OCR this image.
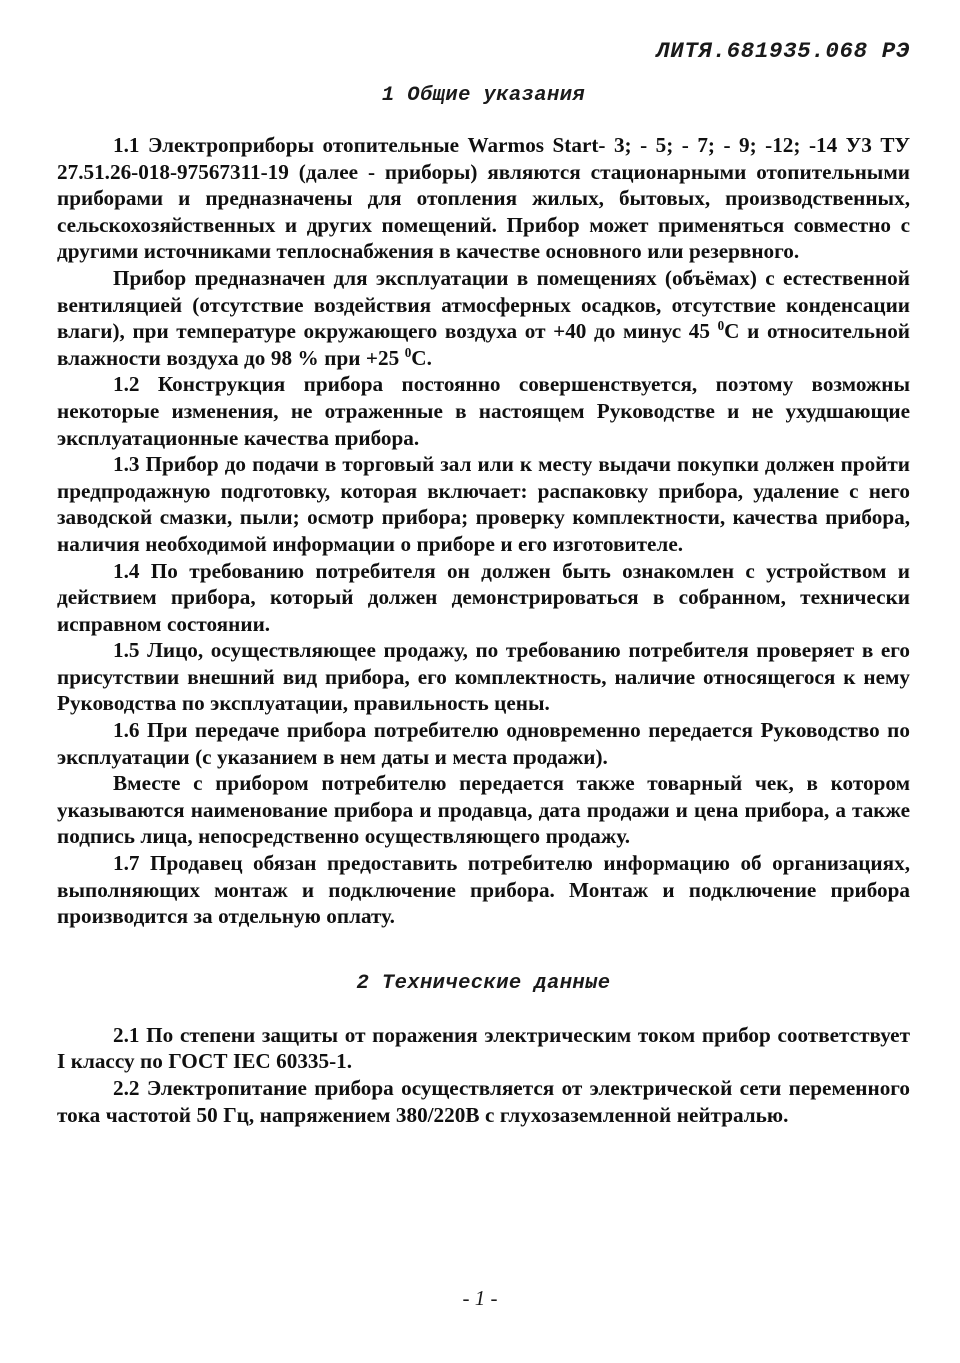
ЛИТЯ.681935.068 РЭ
1 Общие указания

1.1 Электроприборы отопительные Warmos Start- 3; - 5; - 7; - 9; -12; -14 У3 ТУ 27.51.26-018-97567311-19 (далее - приборы) являются стационарными отопительными приборами и предназначены для отопления жилых, бытовых, производственных, сельскохозяйственных и других помещений. Прибор может применяться совместно с другими источниками теплоснабжения в качестве основного или резервного.

Прибор предназначен для эксплуатации в помещениях (объёмах) с естественной вентиляцией (отсутствие воздействия атмосферных осадков, отсутствие конденсации влаги), при температуре окружающего воздуха от +40 до минус 45 $^0$С и относительной влажности воздуха до 98 % при +25 $^0$С.

1.2 Конструкция прибора постоянно совершенствуется, поэтому возможны некоторые изменения, не отраженные в настоящем Руководстве и не ухудшающие эксплуатационные качества прибора.

1.3 Прибор до подачи в торговый зал или к месту выдачи покупки должен пройти предпродажную подготовку, которая включает: распаковку прибора, удаление с него заводской смазки, пыли; осмотр прибора; проверку комплектности, качества прибора, наличия необходимой информации о приборе и его изготовителе.

1.4 По требованию потребителя он должен быть ознакомлен с устройством и действием прибора, который должен демонстрироваться в собранном, технически исправном состоянии.

1.5 Лицо, осуществляющее продажу, по требованию потребителя проверяет в его присутствии внешний вид прибора, его комплектность, наличие относящегося к нему Руководства по эксплуатации, правильность цены.

1.6 При передаче прибора потребителю одновременно передается Руководство по эксплуатации (с указанием в нем даты и места продажи).

Вместе с прибором потребителю передается также товарный чек, в котором указываются наименование прибора и продавца, дата продажи и цена прибора, а также подпись лица, непосредственно осуществляющего продажу.

1.7 Продавец обязан предоставить потребителю информацию об организациях, выполняющих монтаж и подключение прибора. Монтаж и подключение прибора производится за отдельную оплату.

2 Технические данные

2.1 По степени защиты от поражения электрическим током прибор соответствует I классу по ГОСТ IEC 60335-1.

2.2 Электропитание прибора осуществляется от электрической сети переменного тока частотой 50 Гц, напряжением 380/220В с глухозаземленной нейтралью.

- 1 -
